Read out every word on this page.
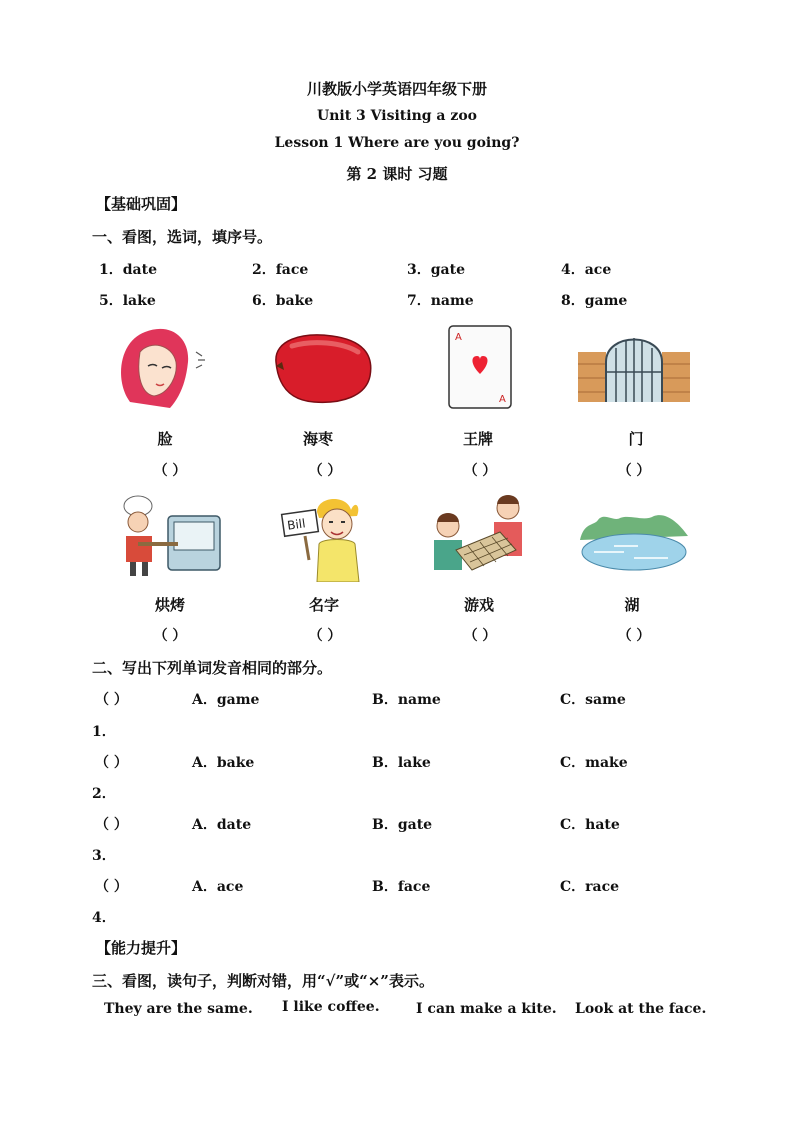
川教版小学英语四年级下册
Unit 3 Visiting a zoo
Lesson 1 Where are you going?
第 2 课时 习题
【基础巩固】
一、看图，选词，填序号。
1．date	2．face	3．gate	4．ace
5．lake	6．bake	7．name	8．game
A
A
脸	海枣	王牌	门
（ ）	（ ）	（ ）	（ ）
Bill
烘烤	名字	游戏	湖
（ ）	（ ）	（ ）	（ ）
二、写出下列单词发音相同的部分。
（ ）	A．game	B．name	C．same
1．
（ ）	A．bake	B．lake	C．make
2．
（ ）	A．date	B．gate	C．hate
3．
（ ）	A．ace	B．face	C．race
4．
【能力提升】
三、看图，读句子，判断对错，用“√”或“×”表示。
They are the same. I like coffee.	I can make a kite. Look at the face.
